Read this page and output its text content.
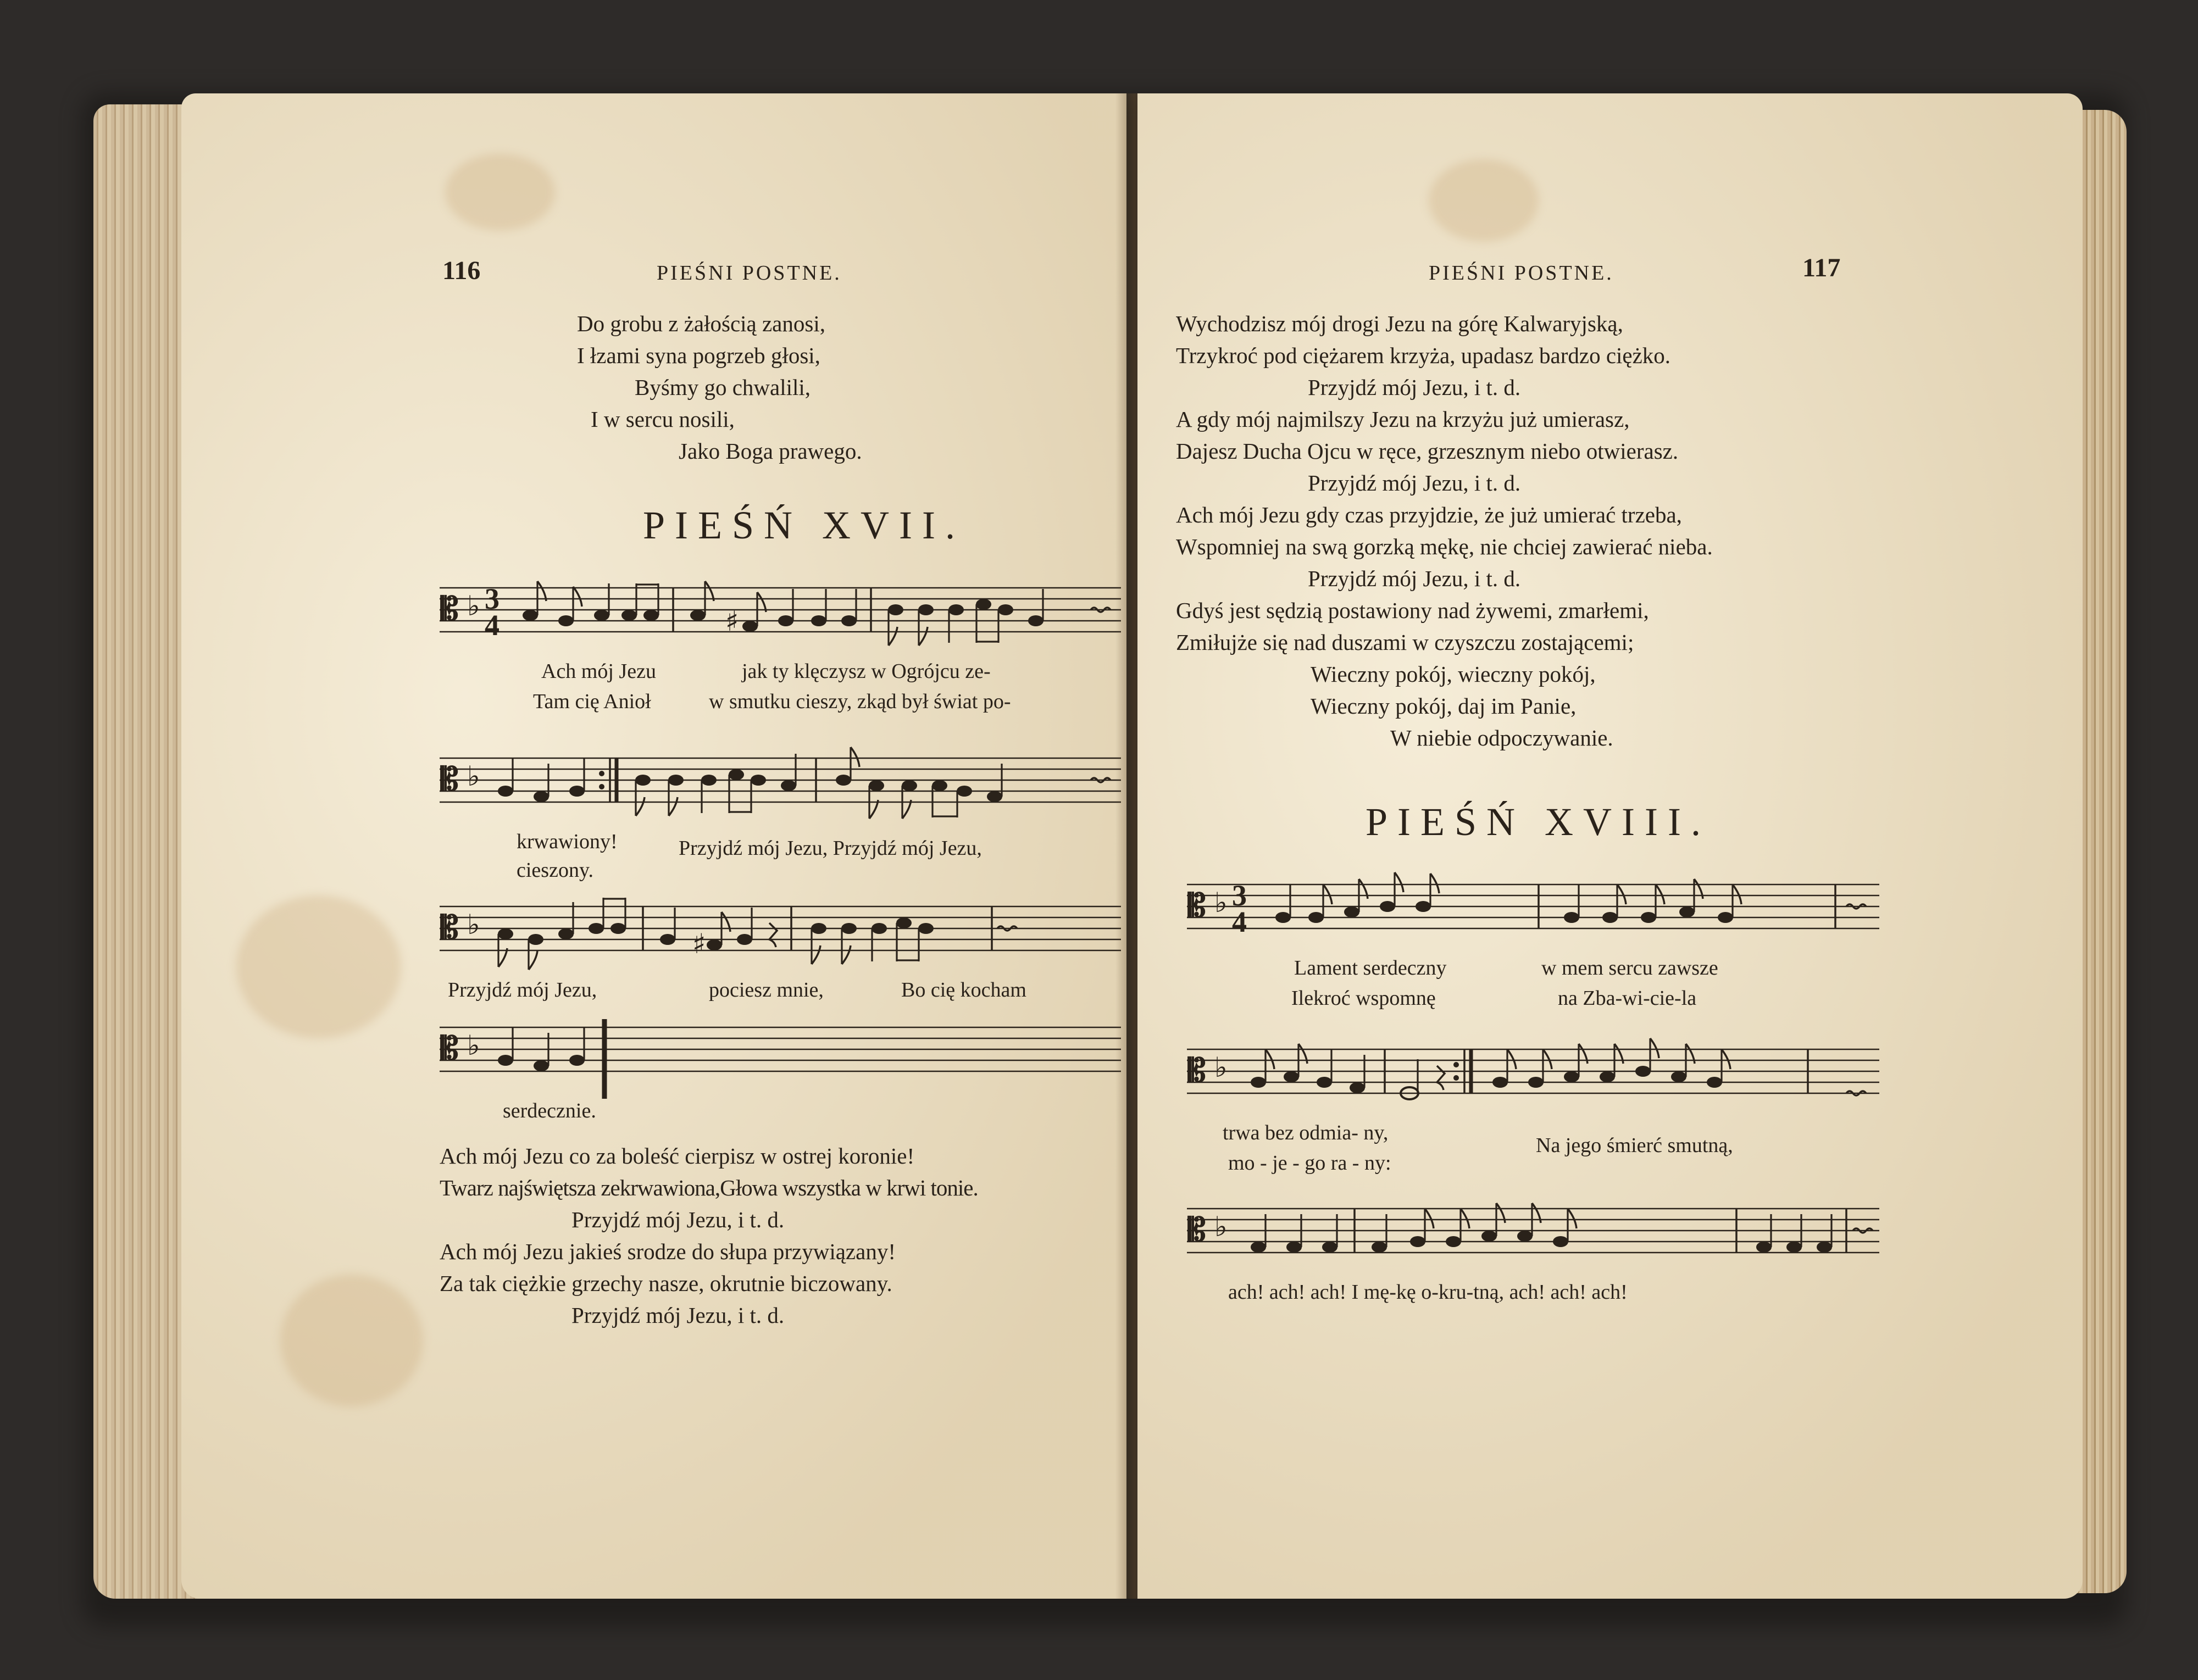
116	PIEŚNI POSTNE.
Do grobu z żałością zanosi,
I łzami syna pogrzeb głosi,
Byśmy go chwalili,
I w sercu nosili,
Jako Boga prawego.
PIEŚŃ XVII.
𝄡 ♭ 3
4	♯
Ach mój Jezu	jak ty klęczysz w Ogrójcu ze-
Tam cię Anioł	w smutku cieszy, zkąd był świat po-
𝄡 ♭
krwawiony!
cieszony.
Przyjdź mój Jezu, Przyjdź mój Jezu,
𝄡 ♭
♯
Przyjdź mój Jezu,	pociesz mnie,	Bo cię kocham
𝄡 ♭
serdecznie.
Ach mój Jezu co za boleść cierpisz w ostrej koronie!
Twarz najświętsza zekrwawiona,Głowa wszystka w krwi tonie.
Przyjdź mój Jezu, i t. d.
Ach mój Jezu jakieś srodze do słupa przywiązany!
Za tak ciężkie grzechy nasze, okrutnie biczowany.
Przyjdź mój Jezu, i t. d.
PIEŚNI POSTNE.	117
Wychodzisz mój drogi Jezu na górę Kalwaryjską,
Trzykroć pod ciężarem krzyża, upadasz bardzo ciężko.
Przyjdź mój Jezu, i t. d.
A gdy mój najmilszy Jezu na krzyżu już umierasz,
Dajesz Ducha Ojcu w ręce, grzesznym niebo otwierasz.
Przyjdź mój Jezu, i t. d.
Ach mój Jezu gdy czas przyjdzie, że już umierać trzeba,
Wspomniej na swą gorzką mękę, nie chciej zawierać nieba.
Przyjdź mój Jezu, i t. d.
Gdyś jest sędzią postawiony nad żywemi, zmarłemi,
Zmiłujże się nad duszami w czyszczu zostającemi;
Wieczny pokój, wieczny pokój,
Wieczny pokój, daj im Panie,
W niebie odpoczywanie.
PIEŚŃ XVIII.
𝄡 ♭ 3
4
Lament serdeczny	w mem sercu zawsze
Ilekroć wspomnę	na Zba-wi-cie-la
𝄡 ♭
trwa bez odmia- ny,
mo - je - go ra - ny:
Na jego śmierć smutną,
𝄡 ♭
ach! ach! ach! I mę-kę o-kru-tną, ach! ach! ach!
